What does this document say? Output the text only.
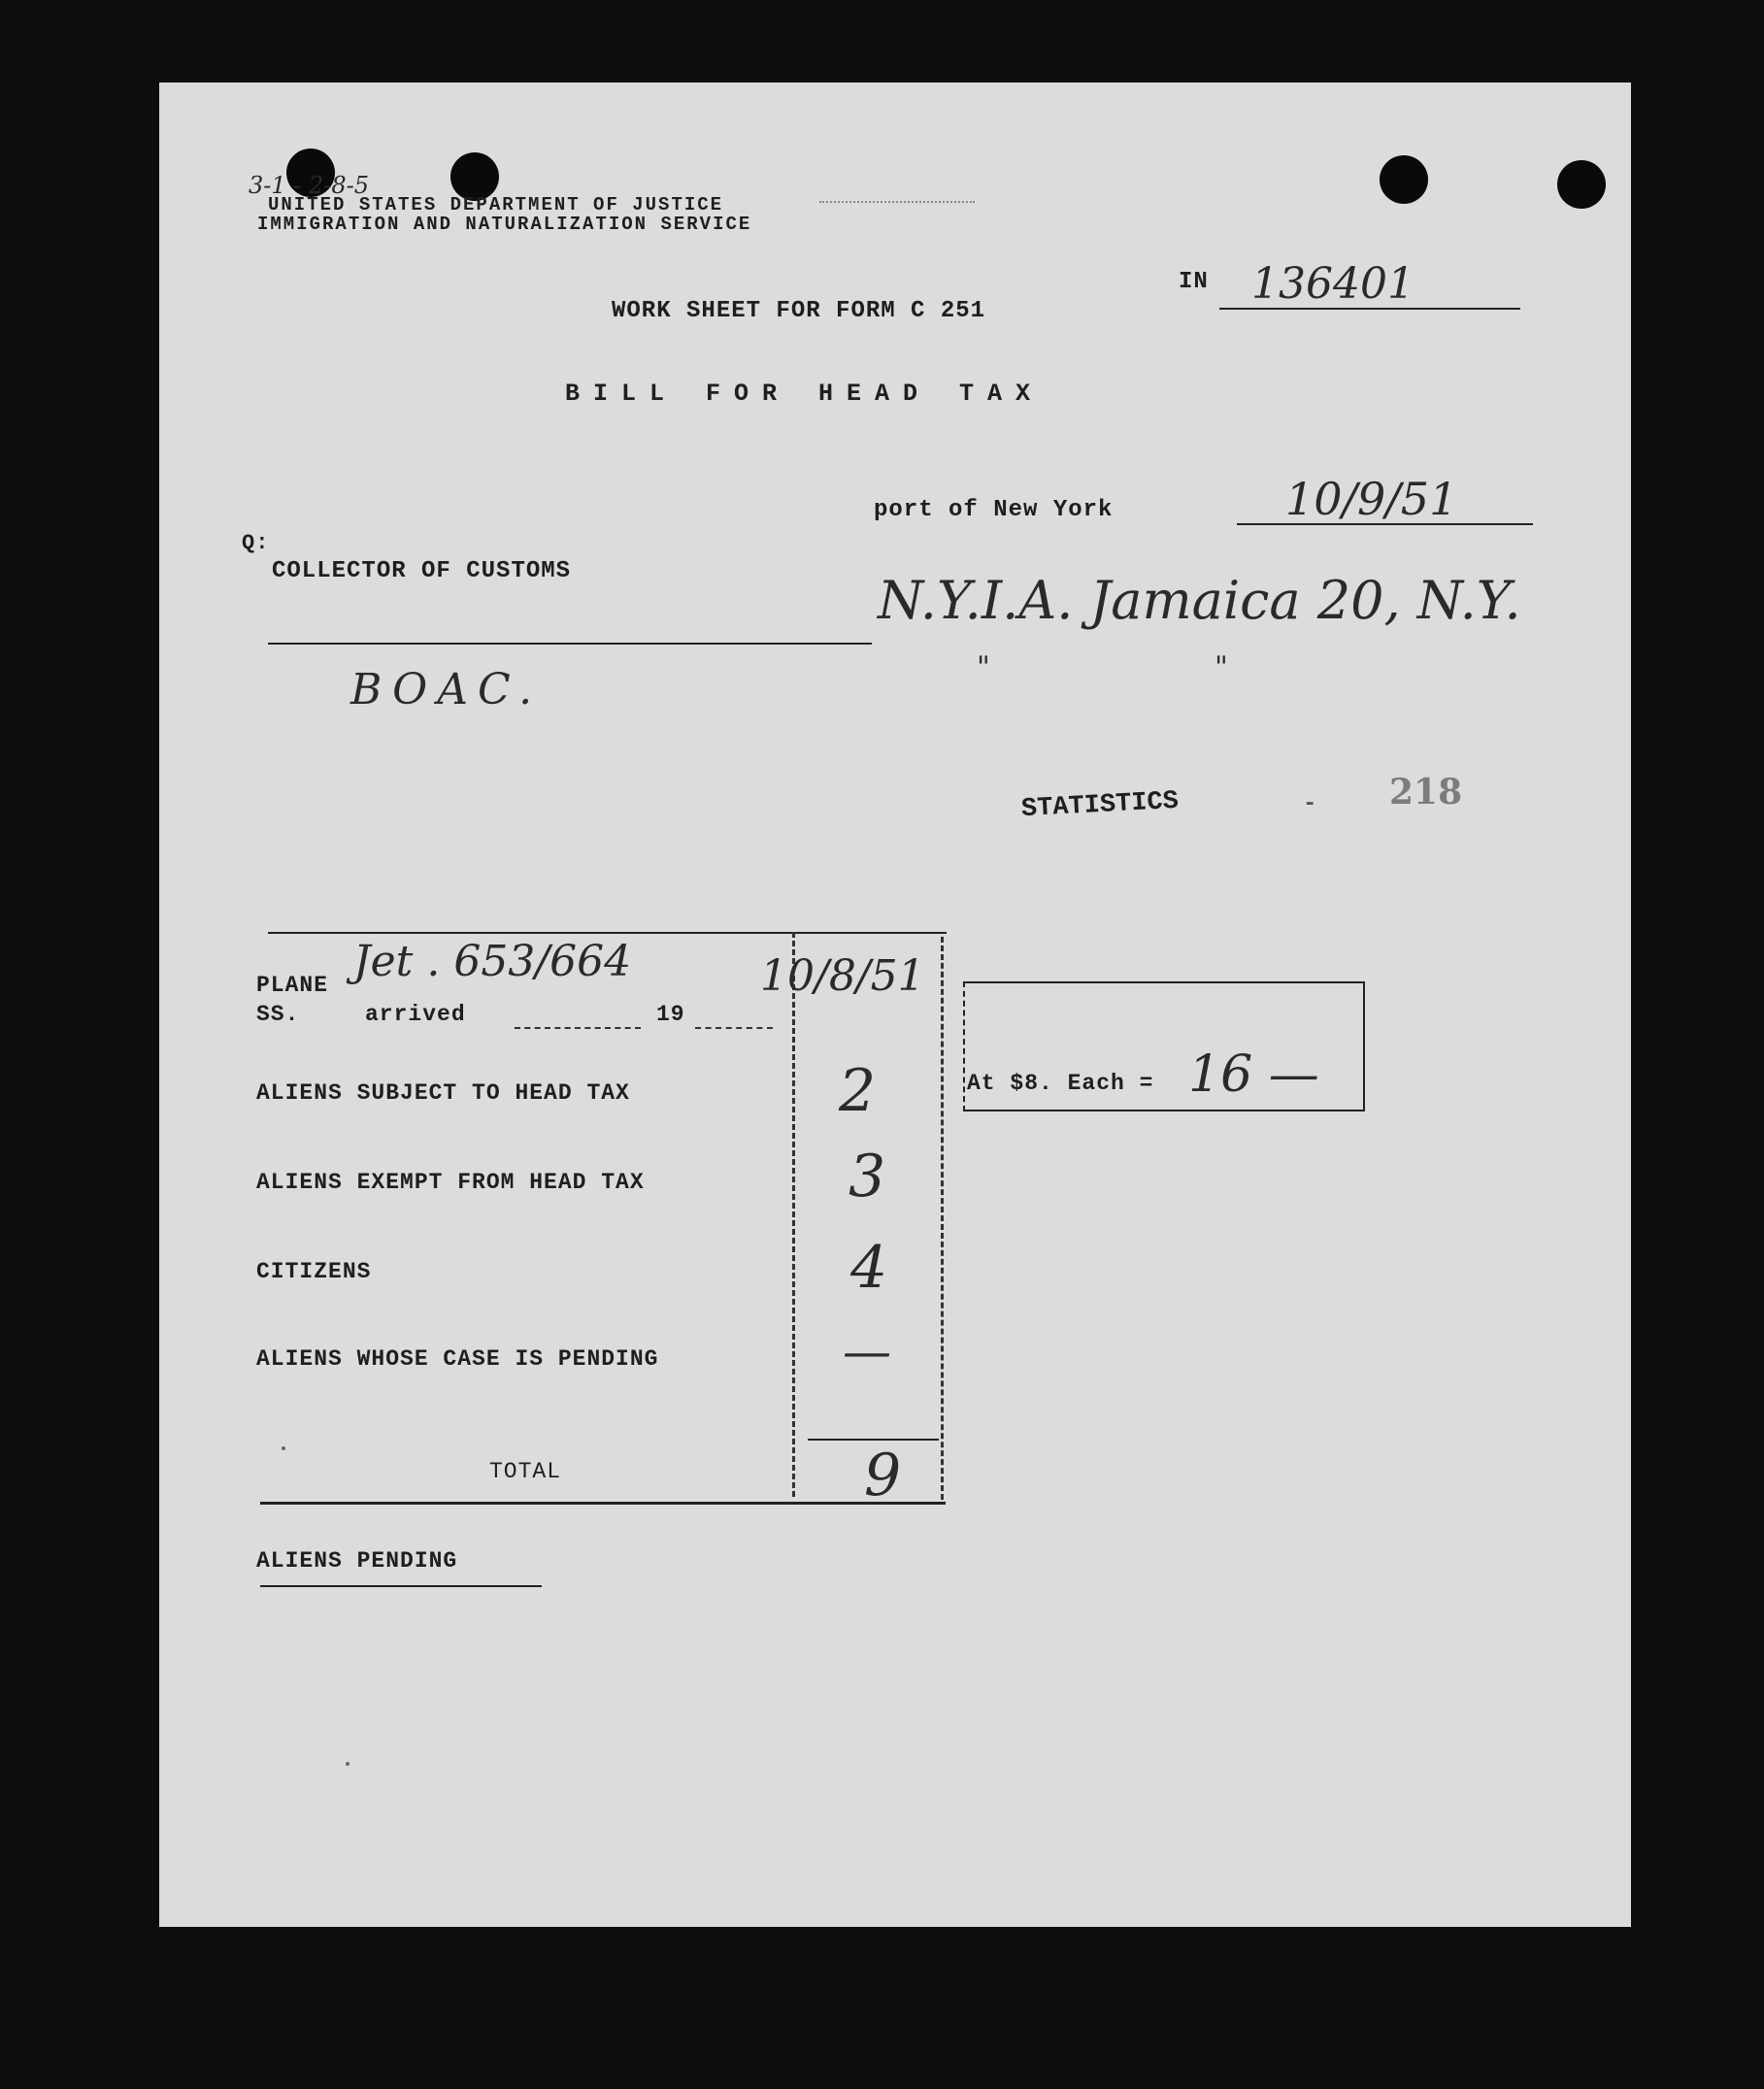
3-1 - 2-8-5
UNITED STATES DEPARTMENT OF JUSTICE
IMMIGRATION AND NATURALIZATION SERVICE
IN 136401
WORK SHEET FOR FORM C 251
BILL FOR HEAD TAX
port of New York	10/9/51
Q:
COLLECTOR OF CUSTOMS	N.Y.I.A. Jamaica 20, N.Y.
"	"
BOAC.
STATISTICS	- 218
PLANE Jet . 653/664	10/8/51
SS.	arrived	19
ALIENS SUBJECT TO HEAD TAX	2
ALIENS EXEMPT FROM HEAD TAX	3
CITIZENS	4
ALIENS WHOSE CASE IS PENDING	—
TOTAL	9
At $8. Each = 16 —
ALIENS PENDING
